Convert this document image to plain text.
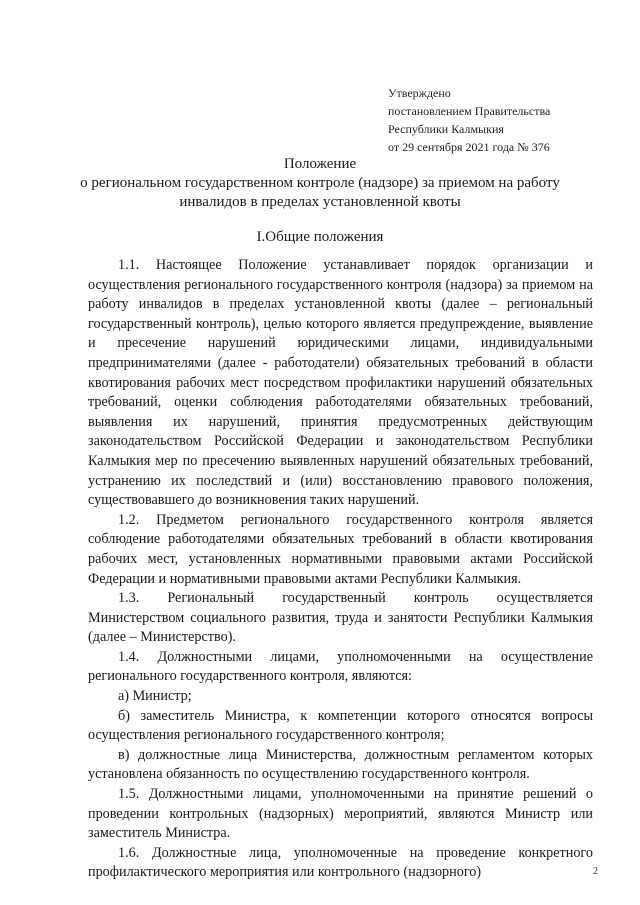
Утверждено
постановлением Правительства
Республики Калмыкия
от 29 сентября 2021 года № 376
Положение
о региональном государственном контроле (надзоре) за приемом на работу
инвалидов в пределах установленной квоты
I.Общие положения

1.1. Настоящее Положение устанавливает порядок организации и осуществления регионального государственного контроля (надзора) за приемом на работу инвалидов в пределах установленной квоты (далее – региональный государственный контроль), целью которого является предупреждение, выявление и пресечение нарушений юридическими лицами, индивидуальными предпринимателями (далее - работодатели) обязательных требований в области квотирования рабочих мест посредством профилактики нарушений обязательных требований, оценки соблюдения работодателями обязательных требований, выявления их нарушений, принятия предусмотренных действующим законодательством Российской Федерации и законодательством Республики Калмыкия мер по пресечению выявленных нарушений обязательных требований, устранению их последствий и (или) восстановлению правового положения, существовавшего до возникновения таких нарушений.

1.2. Предметом регионального государственного контроля является соблюдение работодателями обязательных требований в области квотирования рабочих мест, установленных нормативными правовыми актами Российской Федерации и нормативными правовыми актами Республики Калмыкия.

1.3. Региональный государственный контроль осуществляется Министерством социального развития, труда и занятости Республики Калмыкия (далее – Министерство).

1.4. Должностными лицами, уполномоченными на осуществление регионального государственного контроля, являются:

а) Министр;

б) заместитель Министра, к компетенции которого относятся вопросы осуществления регионального государственного контроля;

в) должностные лица Министерства, должностным регламентом которых установлена обязанность по осуществлению государственного контроля.

1.5. Должностными лицами, уполномоченными на принятие решений о проведении контрольных (надзорных) мероприятий, являются Министр или заместитель Министра.

1.6. Должностные лица, уполномоченные на проведение конкретного профилактического мероприятия или контрольного (надзорного)	2
